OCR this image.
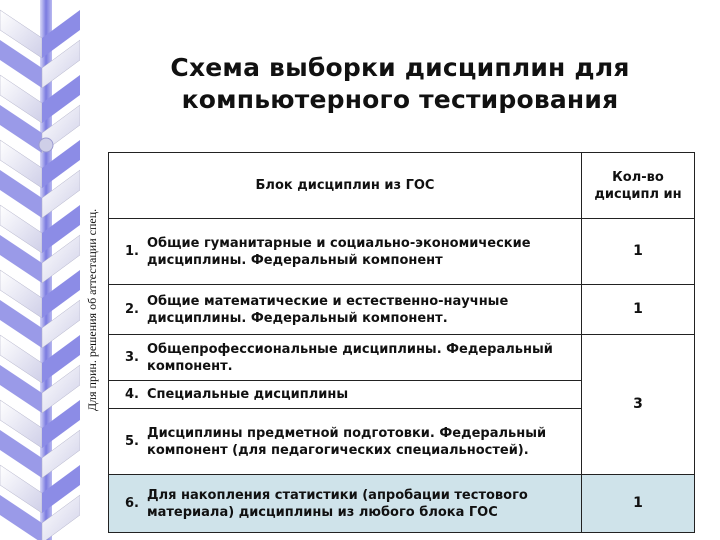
Схема выборки дисциплин для
компьютерного тестирования
Для прин. решения об аттестации спец.
Блок дисциплин из ГОС		Кол-во дисципл ин
1.	Общие гуманитарные и социально-экономические дисциплины. Федеральный компонент	1
2.	Общие математические и естественно-научные дисциплины. Федеральный компонент.	1
3.	Общепрофессиональные дисциплины. Федеральный компонент.	3
4.	Специальные дисциплины	
5.	Дисциплины предметной подготовки. Федеральный компонент (для педагогических специальностей).	
6.	Для накопления статистики (апробации тестового материала) дисциплины из любого блока ГОС	1
